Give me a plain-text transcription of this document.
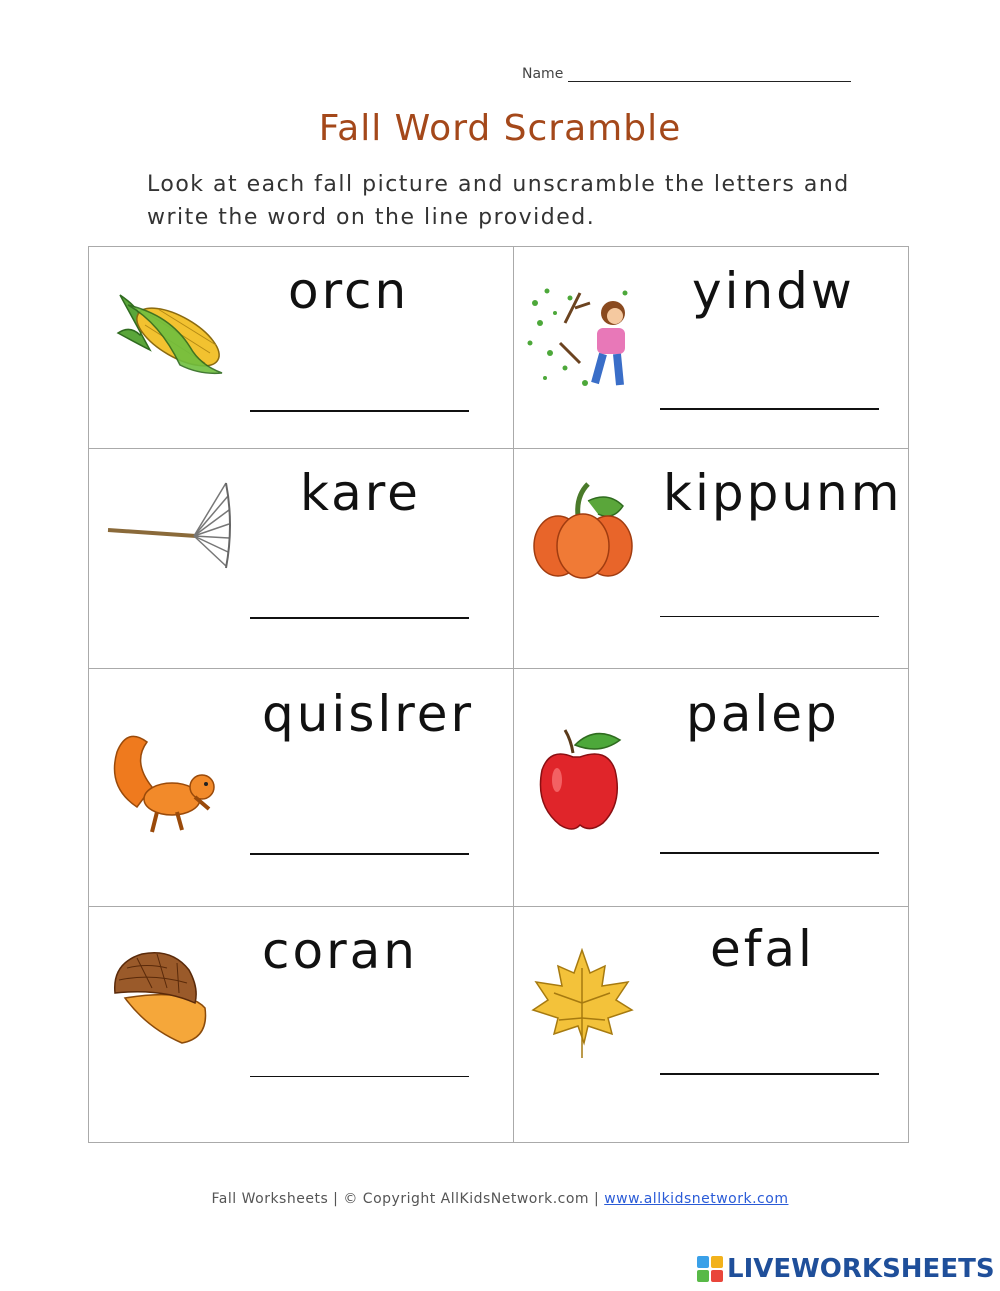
Name
Fall Word Scramble
Look at each fall picture and unscramble the letters and write the word on the line provided.
orcn	yindw
kare	kippunm
quislrer	palep
coran	efal
Fall Worksheets | © Copyright AllKidsNetwork.com | www.allkidsnetwork.com
LIVEWORKSHEETS
